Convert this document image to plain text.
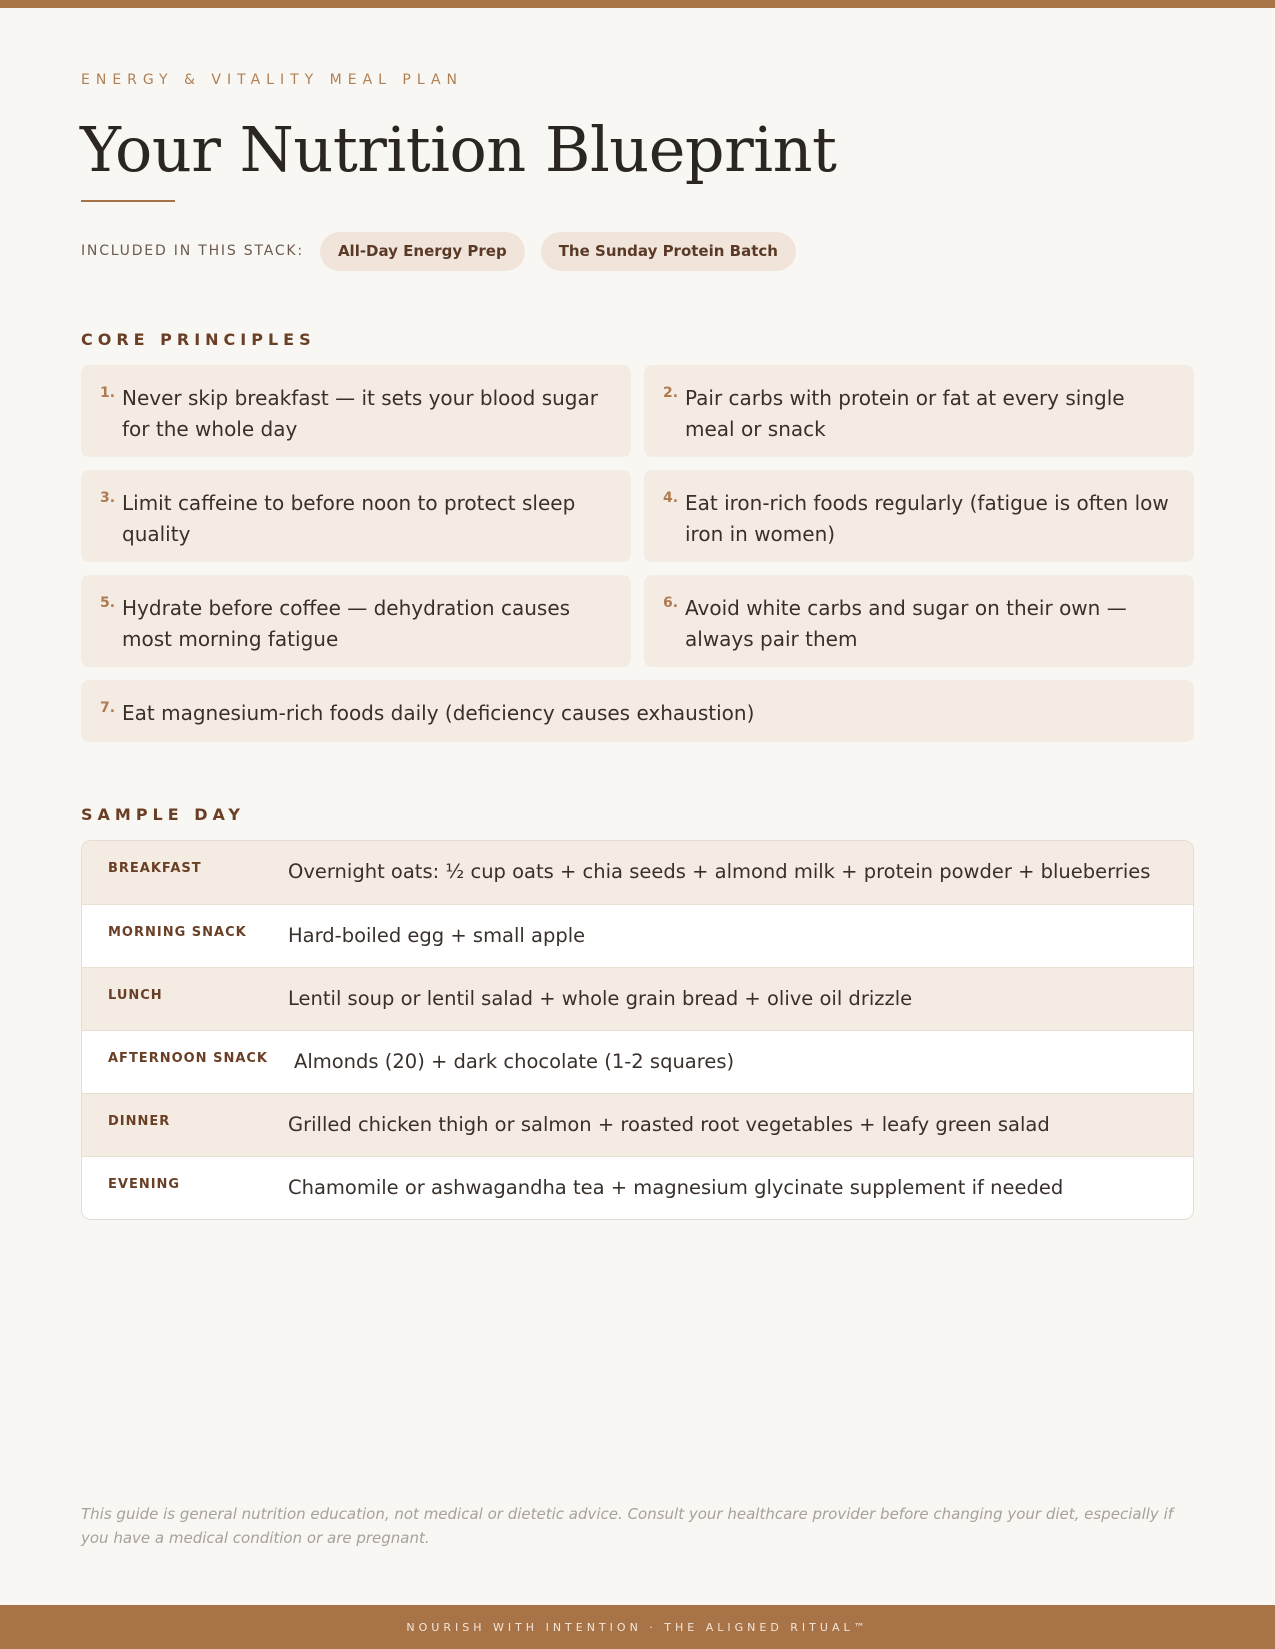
ENERGY & VITALITY MEAL PLAN
Your Nutrition Blueprint
INCLUDED IN THIS STACK:	All-Day Energy Prep	The Sunday Protein Batch
CORE PRINCIPLES
1. Never skip breakfast — it sets your blood sugar for the whole day
2. Pair carbs with protein or fat at every single meal or snack
3. Limit caffeine to before noon to protect sleep quality
4. Eat iron-rich foods regularly (fatigue is often low iron in women)
5. Hydrate before coffee — dehydration causes most morning fatigue
6. Avoid white carbs and sugar on their own — always pair them
7. Eat magnesium-rich foods daily (deficiency causes exhaustion)
SAMPLE DAY
BREAKFAST	Overnight oats: ½ cup oats + chia seeds + almond milk + protein powder + blueberries
MORNING SNACK	Hard-boiled egg + small apple
LUNCH	Lentil soup or lentil salad + whole grain bread + olive oil drizzle
AFTERNOON SNACK	Almonds (20) + dark chocolate (1-2 squares)
DINNER	Grilled chicken thigh or salmon + roasted root vegetables + leafy green salad
EVENING	Chamomile or ashwagandha tea + magnesium glycinate supplement if needed
This guide is general nutrition education, not medical or dietetic advice. Consult your healthcare provider before changing your diet, especially if you have a medical condition or are pregnant.
NOURISH WITH INTENTION · THE ALIGNED RITUAL™
